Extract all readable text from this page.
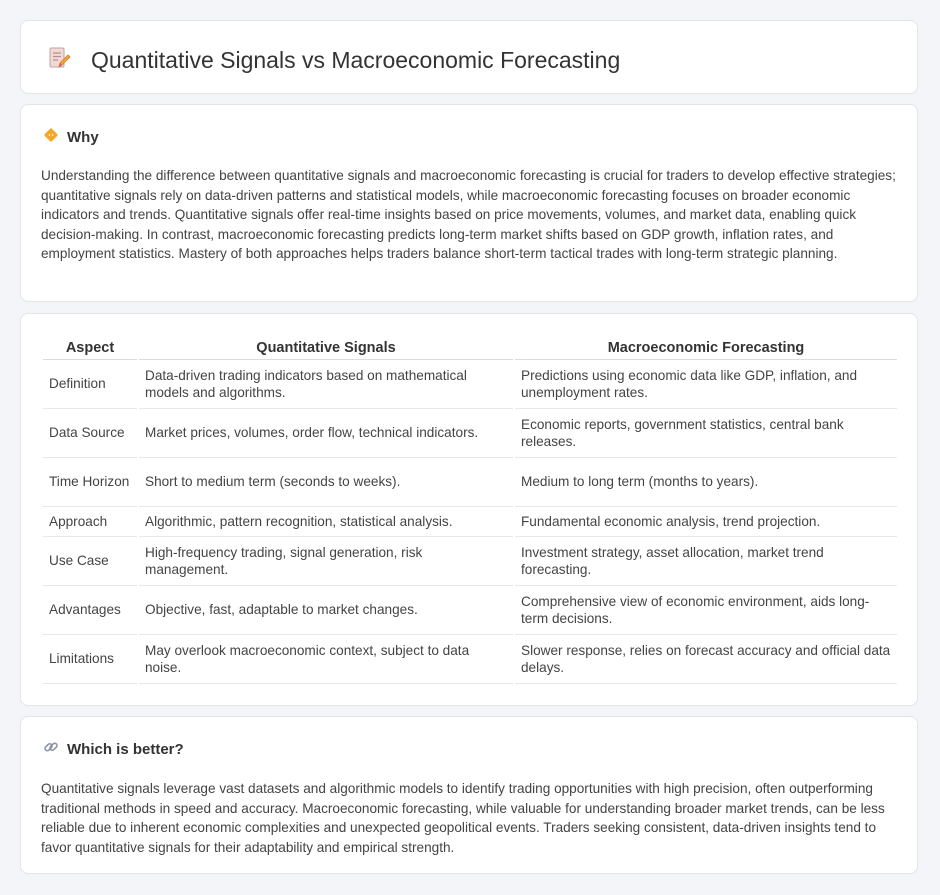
Quantitative Signals vs Macroeconomic Forecasting
Why

Understanding the difference between quantitative signals and macroeconomic forecasting is crucial for traders to develop effective strategies; quantitative signals rely on data-driven patterns and statistical models, while macroeconomic forecasting focuses on broader economic indicators and trends. Quantitative signals offer real-time insights based on price movements, volumes, and market data, enabling quick decision-making. In contrast, macroeconomic forecasting predicts long-term market shifts based on GDP growth, inflation rates, and employment statistics. Mastery of both approaches helps traders balance short-term tactical trades with long-term strategic planning.

Aspect	Quantitative Signals	Macroeconomic Forecasting
Definition	Data-driven trading indicators based on mathematical models and algorithms.	Predictions using economic data like GDP, inflation, and unemployment rates.
Data Source	Market prices, volumes, order flow, technical indicators.	Economic reports, government statistics, central bank releases.
Time Horizon	Short to medium term (seconds to weeks).	Medium to long term (months to years).
Approach	Algorithmic, pattern recognition, statistical analysis.	Fundamental economic analysis, trend projection.
Use Case	High-frequency trading, signal generation, risk management.	Investment strategy, asset allocation, market trend forecasting.
Advantages	Objective, fast, adaptable to market changes.	Comprehensive view of economic environment, aids long-term decisions.
Limitations	May overlook macroeconomic context, subject to data noise.	Slower response, relies on forecast accuracy and official data delays.
Which is better?

Quantitative signals leverage vast datasets and algorithmic models to identify trading opportunities with high precision, often outperforming traditional methods in speed and accuracy. Macroeconomic forecasting, while valuable for understanding broader market trends, can be less reliable due to inherent economic complexities and unexpected geopolitical events. Traders seeking consistent, data-driven insights tend to favor quantitative signals for their adaptability and empirical strength.
